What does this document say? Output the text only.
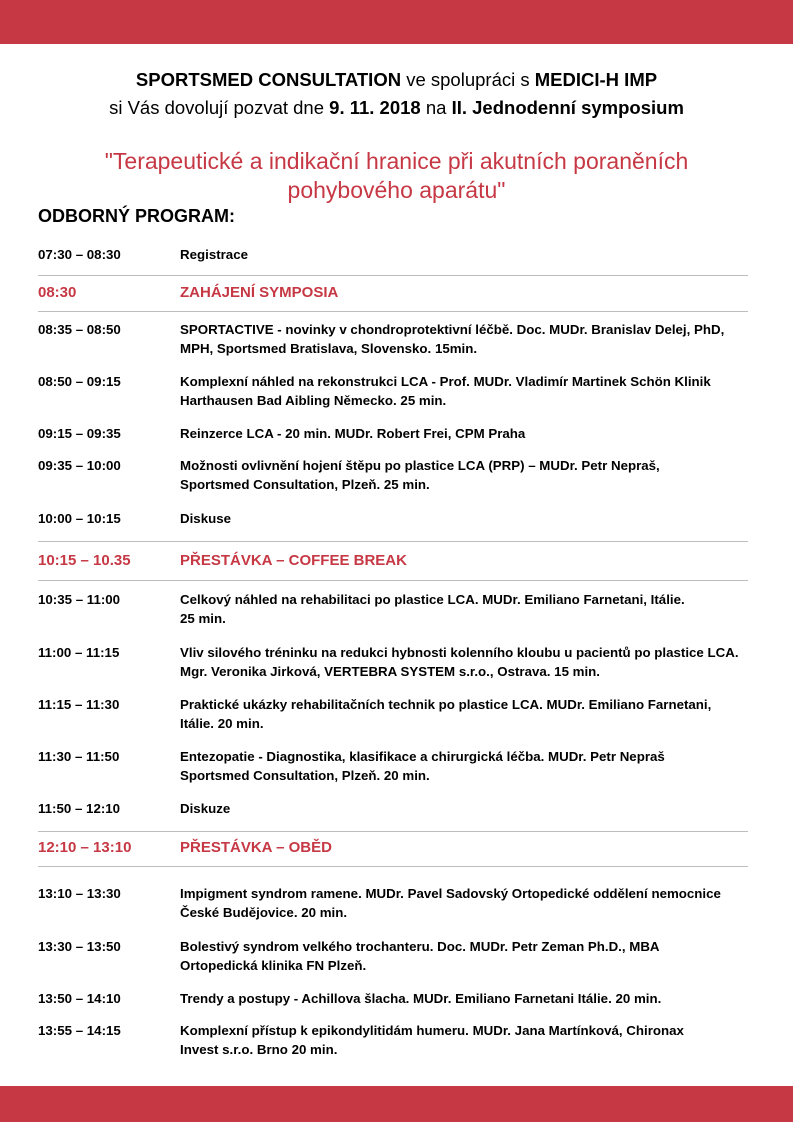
SPORTSMED CONSULTATION ve spolupráci s MEDICI-H IMP
si Vás dovolují pozvat dne 9. 11. 2018 na II. Jednodenní symposium
"Terapeutické a indikační hranice při akutních poraněních
pohybového aparátu"
ODBORNÝ PROGRAM:
07:30 – 08:30	Registrace
08:30	ZAHÁJENÍ SYMPOSIA
08:35 – 08:50	SPORTACTIVE - novinky v chondroprotektivní léčbě. Doc. MUDr. Branislav Delej, PhD,
MPH, Sportsmed Bratislava, Slovensko. 15min.
08:50 – 09:15	Komplexní náhled na rekonstrukci LCA - Prof. MUDr. Vladimír Martinek Schön Klinik
Harthausen Bad Aibling Německo. 25 min.
09:15 – 09:35	Reinzerce LCA - 20 min. MUDr. Robert Frei, CPM Praha
09:35 – 10:00	Možnosti ovlivnění hojení štěpu po plastice LCA (PRP) – MUDr. Petr Nepraš,
Sportsmed Consultation, Plzeň. 25 min.
10:00 – 10:15	Diskuse
10:15 – 10.35	PŘESTÁVKA – COFFEE BREAK
10:35 – 11:00	Celkový náhled na rehabilitaci po plastice LCA. MUDr. Emiliano Farnetani, Itálie.
25 min.
11:00 – 11:15	Vliv silového tréninku na redukci hybnosti kolenního kloubu u pacientů po plastice LCA.
Mgr. Veronika Jirková, VERTEBRA SYSTEM s.r.o., Ostrava. 15 min.
11:15 – 11:30	Praktické ukázky rehabilitačních technik po plastice LCA. MUDr. Emiliano Farnetani,
Itálie. 20 min.
11:30 – 11:50	Entezopatie - Diagnostika, klasifikace a chirurgická léčba. MUDr. Petr Nepraš
Sportsmed Consultation, Plzeň. 20 min.
11:50 – 12:10	Diskuze
12:10 – 13:10	PŘESTÁVKA – OBĚD
13:10 – 13:30	Impigment syndrom ramene. MUDr. Pavel Sadovský Ortopedické oddělení nemocnice
České Budějovice. 20 min.
13:30 – 13:50	Bolestivý syndrom velkého trochanteru. Doc. MUDr. Petr Zeman Ph.D., MBA
Ortopedická klinika FN Plzeň.
13:50 – 14:10	Trendy a postupy - Achillova šlacha. MUDr. Emiliano Farnetani Itálie. 20 min.
13:55 – 14:15	Komplexní přístup k epikondylitidám humeru. MUDr. Jana Martínková, Chironax
Invest s.r.o. Brno 20 min.
